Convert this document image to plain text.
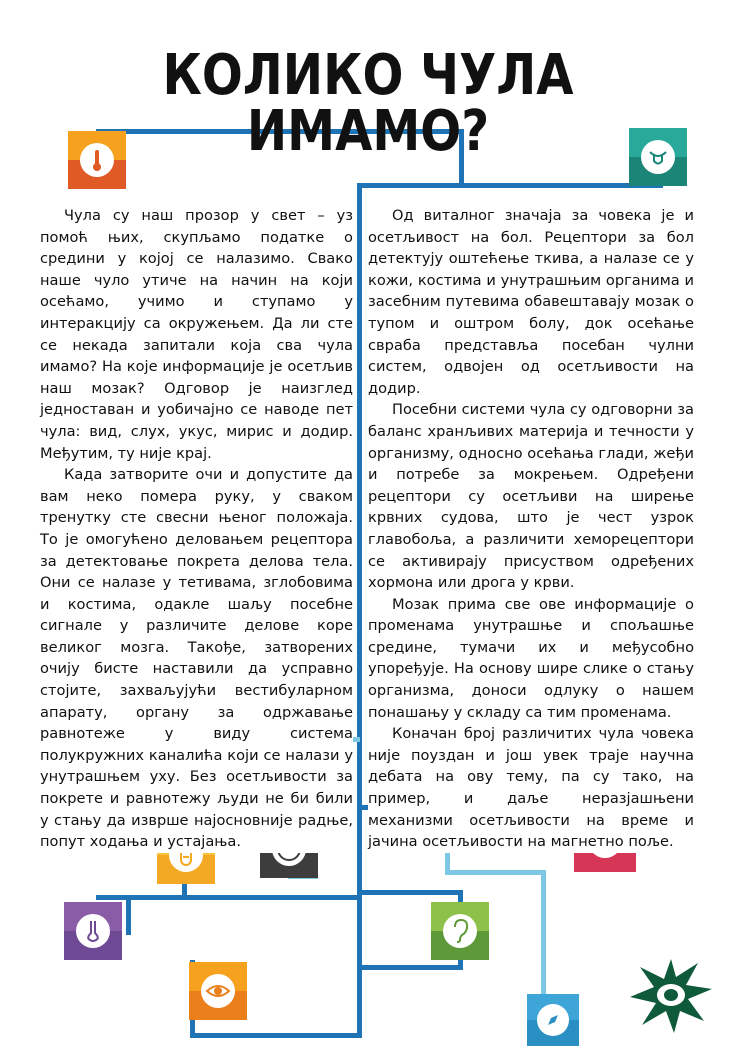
КОЛИКО ЧУЛА ИМАМО?

Чула су наш прозор у свет – уз помоћ њих, скупљамо податке о средини у којој се налазимо. Свако наше чуло утиче на начин на који осећамо, учимо и ступамо у интеракцију са окружењем. Да ли сте се некада запитали која сва чула имамо? На које информације је осетљив наш мозак? Одговор је наизглед једноставан и уобичајно се наводе пет чула: вид, слух, укус, мирис и додир. Међутим, ту није крај.

Када затворите очи и допустите да вам неко помера руку, у сваком тренутку сте свесни њеног положаја. То је омогућено деловањем рецептора за детектовање покрета делова тела. Они се налазе у тетивама, зглобовима и костима, одакле шаљу посебне сигнале у различите делове коре великог мозга. Такође, затворених очију бисте наставили да усправно стојите, захваљујући вестибуларном апарату, органу за одржавање равнотеже у виду система полукружних каналића који се налази у унутрашњем уху. Без осетљивости за покрете и равнотежу људи не би били у стању да изврше најосновније радње, попут ходања и устајања.

Од виталног значаја за човека је и осетљивост на бол. Рецептори за бол детектују оштећење ткива, а налазе се у кожи, костима и унутрашњим органима и засебним путевима обавештавају мозак о тупом и оштром болу, док осећање свраба представља посебан чулни систем, одвојен од осетљивости на додир.

Посебни системи чула су одговорни за баланс хранљивих материја и течности у организму, односно осећања глади, жеђи и потребе за мокрењем. Одређени рецептори су осетљиви на ширење крвних судова, што је чест узрок главобоља, а различити хеморецептори се активирају присуством одређених хормона или дрога у крви.

Мозак прима све ове информације о променама унутрашње и спољашње средине, тумачи их и међусобно упоређује. На основу шире слике о стању организма, доноси одлуку о нашем понашању у складу са тим променама.

Коначан број различитих чула човека није поуздан и још увек траје научна дебата на ову тему, па су тако, на пример, и даље неразјашњени механизми осетљивости на време и јачина осетљивости на магнетно поље.
